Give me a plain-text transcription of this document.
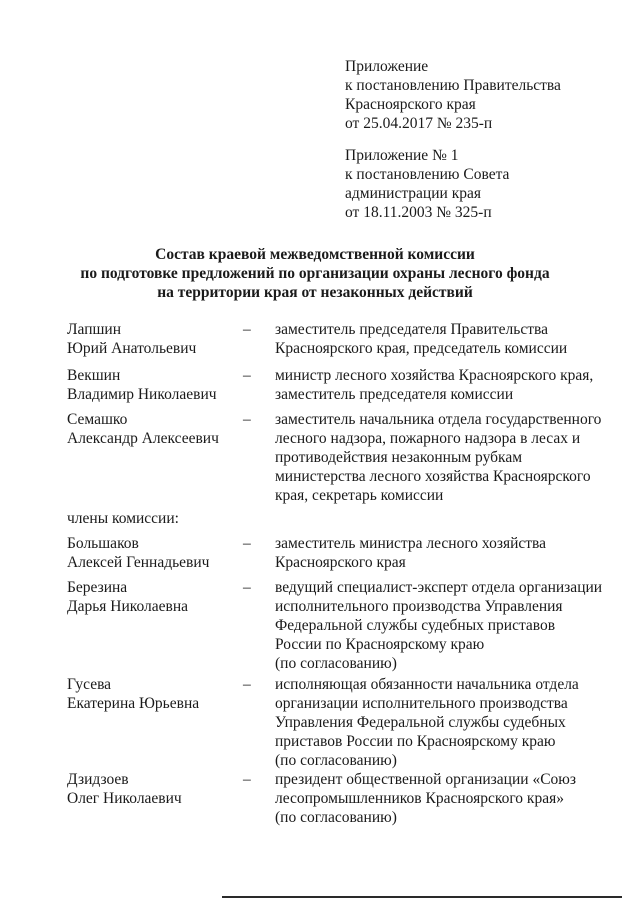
Приложение
к постановлению Правительства
Красноярского края
от 25.04.2017 № 235-п
Приложение № 1
к постановлению Совета
администрации края
от 18.11.2003 № 325-п
Состав краевой межведомственной комиссии
по подготовке предложений по организации охраны лесного фонда
на территории края от незаконных действий
Лапшин
Юрий Анатольевич
– заместитель председателя Правительства
Красноярского края, председатель комиссии
Векшин
Владимир Николаевич
– министр лесного хозяйства Красноярского края,
заместитель председателя комиссии
Семашко
Александр Алексеевич
– заместитель начальника отдела государственного
лесного надзора, пожарного надзора в лесах и
противодействия незаконным рубкам
министерства лесного хозяйства Красноярского
края, секретарь комиссии
члены комиссии:
Большаков
Алексей Геннадьевич
– заместитель министра лесного хозяйства
Красноярского края
Березина
Дарья Николаевна
– ведущий специалист-эксперт отдела организации
исполнительного производства Управления
Федеральной службы судебных приставов
России по Красноярскому краю
(по согласованию)
Гусева
Екатерина Юрьевна
– исполняющая обязанности начальника отдела
организации исполнительного производства
Управления Федеральной службы судебных
приставов России по Красноярскому краю
(по согласованию)
Дзидзоев
Олег Николаевич
– президент общественной организации «Союз
лесопромышленников Красноярского края»
(по согласованию)
